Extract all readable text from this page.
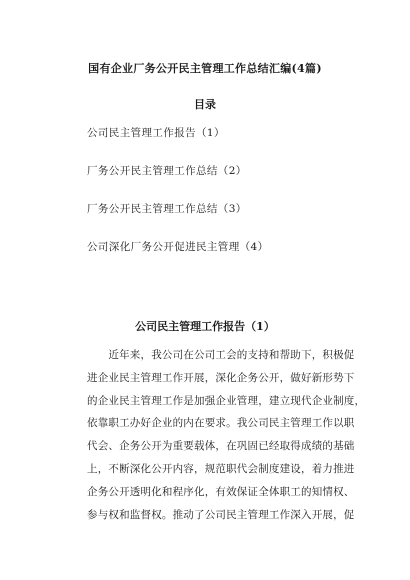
国有企业厂务公开民主管理工作总结汇编(4篇)
目录
公司民主管理工作报告（1）
厂务公开民主管理工作总结（2）
厂务公开民主管理工作总结（3）
公司深化厂务公开促进民主管理（4）
公司民主管理工作报告（1）
　　近年来，我公司在公司工会的支持和帮助下，积极促
进企业民主管理工作开展，深化企务公开，做好新形势下
的企业民主管理工作是加强企业管理，建立现代企业制度，
依靠职工办好企业的内在要求。我公司民主管理工作以职
代会、企务公开为重要载体，在巩固已经取得成绩的基础
上，不断深化公开内容，规范职代会制度建设，着力推进
企务公开透明化和程序化，有效保证全体职工的知情权、
参与权和监督权。推动了公司民主管理工作深入开展，促
